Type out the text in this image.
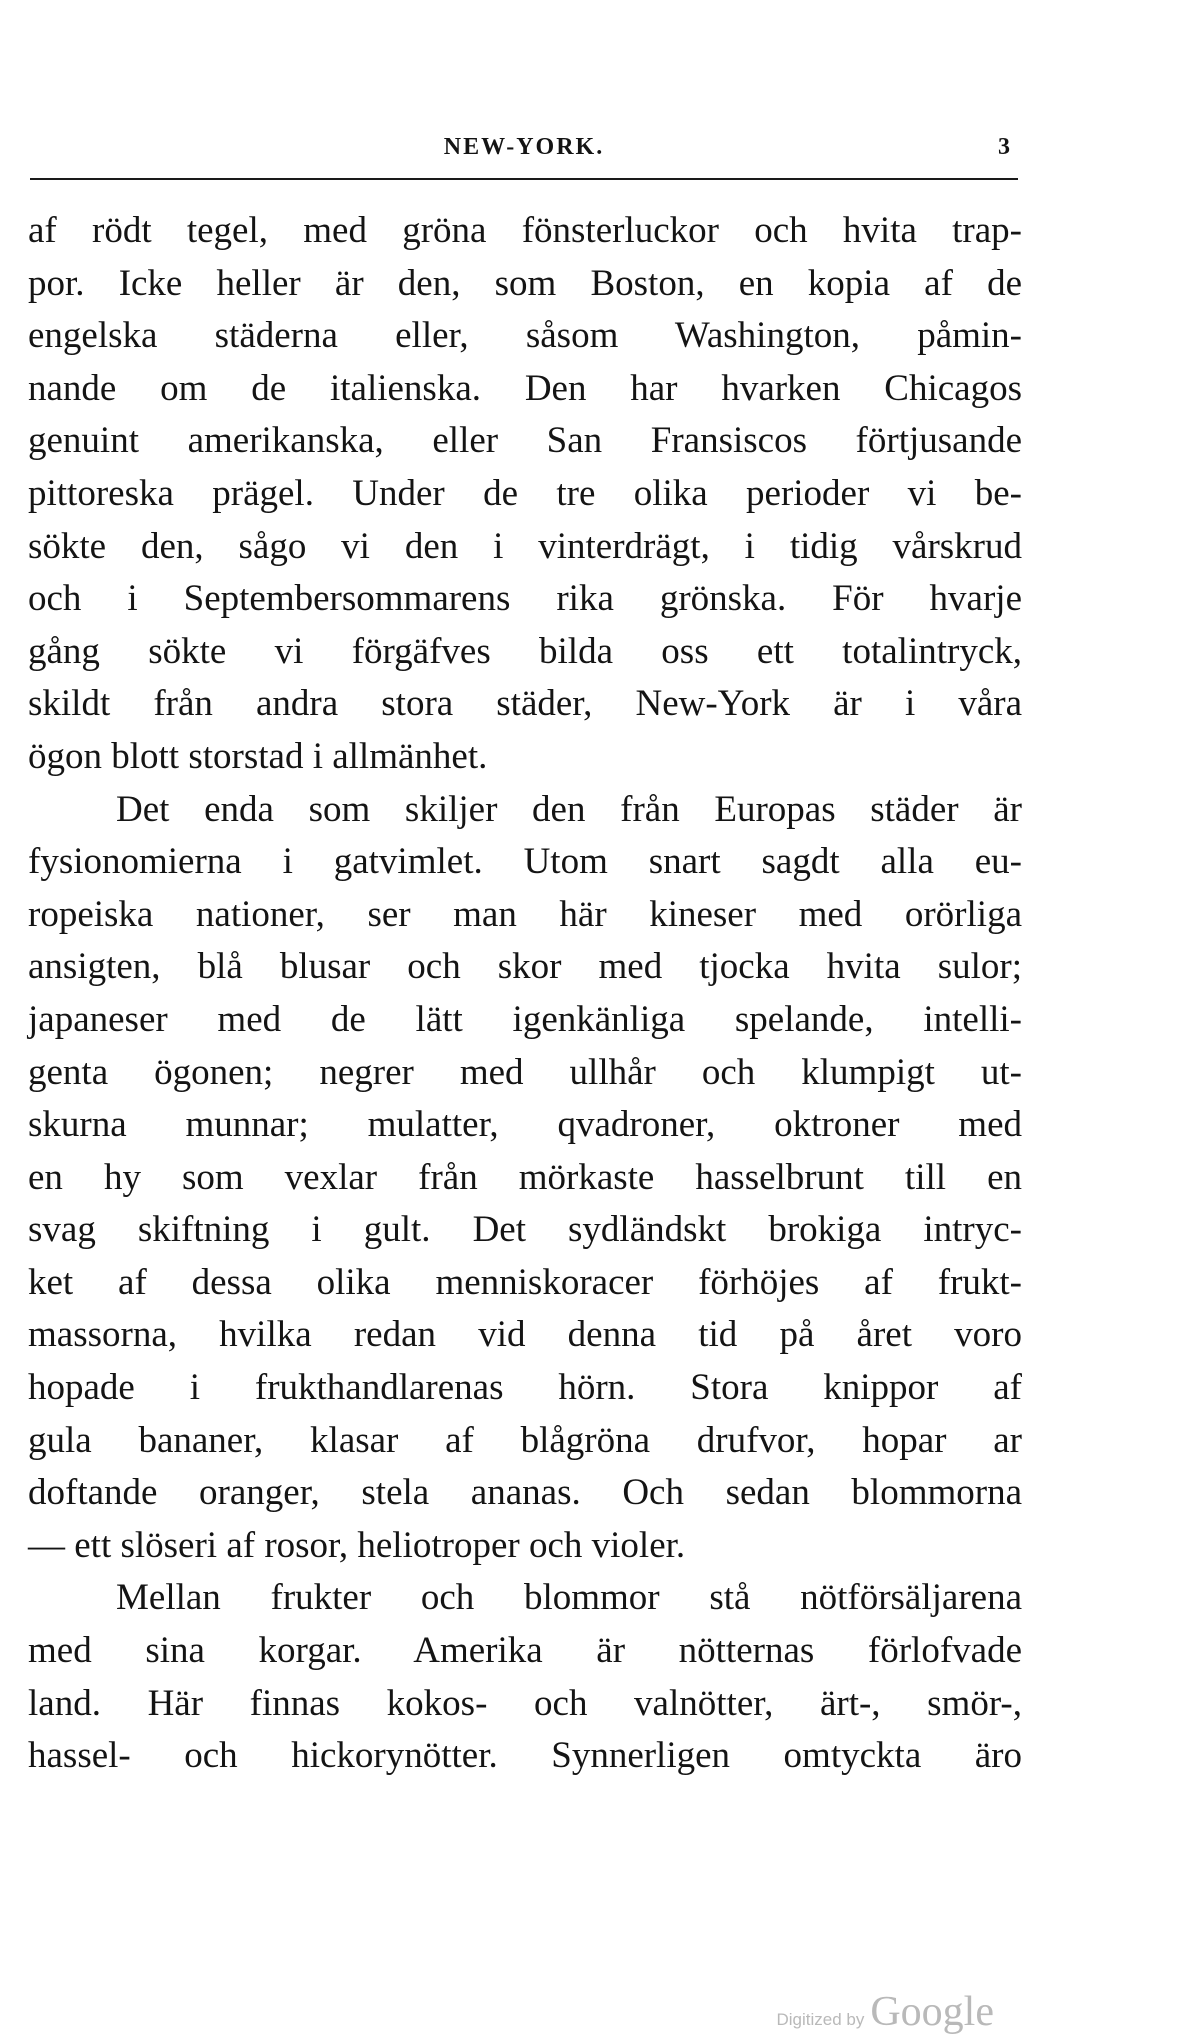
NEW-YORK.	3
af rödt tegel, med gröna fönsterluckor och hvita trap-
por. Icke heller är den, som Boston, en kopia af de
engelska städerna eller, såsom Washington, påmin-
nande om de italienska. Den har hvarken Chicagos
genuint amerikanska, eller San Fransiscos förtjusande
pittoreska prägel. Under de tre olika perioder vi be-
sökte den, sågo vi den i vinterdrägt, i tidig vårskrud
och i Septembersommarens rika grönska. För hvarje
gång sökte vi förgäfves bilda oss ett totalintryck,
skildt från andra stora städer, New-York är i våra
ögon blott storstad i allmänhet.
Det enda som skiljer den från Europas städer är
fysionomierna i gatvimlet. Utom snart sagdt alla eu-
ropeiska nationer, ser man här kineser med orörliga
ansigten, blå blusar och skor med tjocka hvita sulor;
japaneser med de lätt igenkänliga spelande, intelli-
genta ögonen; negrer med ullhår och klumpigt ut-
skurna munnar; mulatter, qvadroner, oktroner med
en hy som vexlar från mörkaste hasselbrunt till en
svag skiftning i gult. Det sydländskt brokiga intryc-
ket af dessa olika menniskoracer förhöjes af frukt-
massorna, hvilka redan vid denna tid på året voro
hopade i frukthandlarenas hörn. Stora knippor af
gula bananer, klasar af blågröna drufvor, hopar ar
doftande oranger, stela ananas. Och sedan blommorna
— ett slöseri af rosor, heliotroper och violer.
Mellan frukter och blommor stå nötförsäljarena
med sina korgar. Amerika är nötternas förlofvade
land. Här finnas kokos- och valnötter, ärt-, smör-,
hassel- och hickorynötter. Synnerligen omtyckta äro
Digitized by Google
